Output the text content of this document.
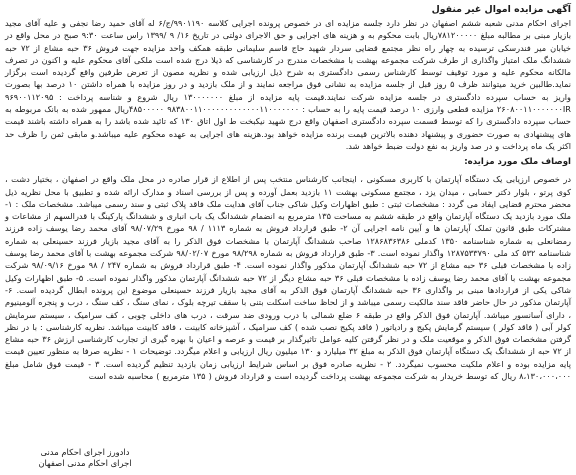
آگهی مزایده اموال غیر منقول

اجرای احکام مدنی شعبه ششم اصفهان در نظر دارد جلسه مزایده ای در خصوص پرونده اجرایی کلاسه ۹۹۰۱۱۹۰/ج/۶ له آقای حمید رضا نجفی و علیه آقای مجید بازیار مبنی بر مطالبه مبلغ ۷۸۱۲۰۰۰۰۰ریال بابت محکوم به و هزینه های اجرایی و حق الاجرای دولتی در تاریخ ۱۶/ ۹ /۱۳۹۹ راس ساعت ۹:۳۰ صبح در محل واقع در خیابان میر فندرسکی ترسیده به چهار راه نظر مجتمع قضایی سردار شهید حاج قاسم سلیمانی طبقه همکف واحد مزایده جهت فروش ۳۶ حبه مشاع از ۷۲ حبه ششدانگ ملک امتیاز واگذاری از طرف شرکت مجموعه بهشت با مشخصات مندرج در کارشناسی که ذیلا درج شده است ملکی آقای محکوم علیه و اکنون در تصرف مالکانه محکوم علیه و مورد توقیف توسط کارشناس رسمی دادگستری به شرح ذیل ارزیابی شده و نظریه مصون از تعرض طرفین واقع گردیده است برگزار نماید.طالبین خرید میتوانند ظرف ۵ روز قبل از جلسه مزایده به نشانی فوق مراجعه نمایند و از ملک بازدید و در روز مزایده با همراه داشتن ۱۰ درصد بها بصورت واریز به حساب سپرده دادگستری در جلسه مزایده شرکت نمایند.قیمت پایه مزایده از مبلغ ۱۳۰۰۰۰۰۰۰ ریال شروع و شناسه پرداخت : ۹۶۹۰۰۱۱۲۰۹۵ ۲۶۰۸۰۰۱۱۰۰۰۰۰۰۰IR مزایده قطعی وارزی ۱۰ درصد قیمت پایه را به حساب : ۹۸۳۸۰۰۱۱۰۰۰۰۰۰۰۰۰۰۰۰۰۱۱۰۰۰۰۰۰۰ ۴۸۵۰۰۰۰۰ریال ممهور شده به بانک مربوطه به حساب سپرده دادگستری را که توسط قسمت سپرده دادگستری اصفهان واقع درج شهید نیکبخت ط اول اتاق ۱۳۰ که تائید شده باشد را به همراه داشته باشند قیمت های پیشنهادی به صورت حضوری و پیشنهاد دهنده بالاترین قیمت برنده مزایده خواهد بود.هزینه های اجرایی به عهده محکوم علیه میباشد.و مابقی ثمن را ظرف حد اکثر یک ماه پرداخت و در صد واریز به نفع دولت ضبط خواهد شد.

اوصاف ملک مورد مزایده:

در خصوص ارزیابی یک دستگاه آپارتمان با کاربری مسکونی ، اینجانب کارشناس منتخب پس از اطلاع از قرار صادره در محل ملک واقع در اصفهان ، بختیار دشت ، کوی پرتو ، بلوار دکتر حسابی ، میدان یزد ، مجتمع مسکونی بهشت ۱۱ بازدید بعمل آورده و پس از بررسی اسناد و مدارک ارائه شده و تطبیق با محل نظریه ذیل محضر محترم قضایی ایفاد می گردد : مشخصات ثبتی : طبق اظهارات وکیل شاکی جناب آقای هدایت ملک فاقد پلاک ثبتی و سند رسمی میباشد. مشخصات ملک : ۱- ملک مورد بازدید یک دستگاه آپارتمان واقع در طبقه ششم به مساحت ۱۳۵ مترمربع به انضمام ششدانگ یک باب انباری و ششدانگ پارکینگ با قدرالسهم از مشاعات و مشترکات طبق قانون تملک آپارتمان ها و آیین نامه اجرایی آن ۲- طبق قرارداد فروش به شماره ۱۱۱۳ / ۹۸ مورخ ۹۸/۰۷/۲۹ آقای محمد رضا یوسف زاده فرزند رمضانعلی به شماره شناسنامه ۱۳۵۰ کدملی ۱۲۸۶۸۳۶۳۸۶ صاحب ششدانگ آپارتمان با مشخصات فوق الذکر را به آقای مجید بازیار فرزند حسینعلی به شماره شناسنامه ۵۳۲ کد ملی ۱۲۸۷۵۳۳۷۹۰ واگذار نموده است. ۳- طبق قرارداد فروش به شماره ۹۸/۲۹۸ مورخ ۹۸/۰۲/۰۷ شرکت مجموعه بهشت با آقای محمد رضا یوسف زاده با مشخصات قبلی ۳۶ حبه مشاع از ۷۲ حبه ششدانگ آپارتمان مذکور واگذار نموده است. ۴- طبق قرارداد فروش به شماره ۲۴۷ / ۹۸ مورخ ۹۸/۰۹/۱۶ شرکت مجموعه بهشت با آقای محمد رضا یوسف زاده با مشخصات قبلی ۳۶ حبه مشاع دیگر از ۷۲ حبه ششدانگ آپارتمان مذکور واگذار نموده است. ۵- طبق اظهارات وکیل شاکی یکی از قراردادها مبنی بر واگذاری ۳۶ حبه ششدانگ آپارتمان فوق الذکر به آقای مجید بازیار فرزند حسینعلی موضوع این پرونده ابطال گردیده است. ۶- آپارتمان مذکور در حال حاضر فاقد سند مالکیت رسمی میباشد و از لحاظ ساخت اسکلت بتنی با سقف تیرچه بلوک ، نمای سنگ ، کف سنگ ، درب و پنجره آلومینیوم ، دارای آسانسور میباشد. آپارتمان فوق الذکر واقع در طبقه ۶ ضلع شمالی با درب ورودی ضد سرقت ، درب های داخلی چوبی ، کف سرامیک ، سیستم سرمایش کولر آبی ( فاقد کولر ) سیستم گرمایش پکیج و رادیاتور ( فاقد پکیج نصب شده ) کف سرامیک ، آشپزخانه کابینت ، فاقد کابینت میباشد. نظریه کارشناسی : با در نظر گرفتن مشخصات فوق الذکر و موقعیت ملک و در نظر گرفتن کلیه عوامل تاثیرگذار بر قیمت و عرصه و اعیان با بهره گیری از تجارب کارشناسی ارزش ۳۶ حبه مشاع از ۷۲ حبه از ششدانگ یک دستگاه آپارتمان فوق الذکر به مبلغ ۳۲ میلیارد و ۱۳۰ میلیون ریال ارزیابی و اعلام میگردد. توضیحات ۱ - نظریه صرفا به منظور تعیین قیمت پایه مزایده بوده و اعلام ملکیت محسوب نمیگردد. ۲ - نظریه صادره فوق بر اساس شرایط ارزیابی زمان بازدید تنظیم گردیده است. ۳ - قیمت فوق شامل مبلغ ۸،۱۳۰،۰۰۰،۰۰۰ ریال که توسط خریدار به شرکت مجموعه بهشت پرداخت گردیده است و قرارداد فروش ( ۱۳۵ مترمربع ) محاسبه شده است

دادورز اجرای احکام مدنی
اجرای احکام مدنی اصفهان
